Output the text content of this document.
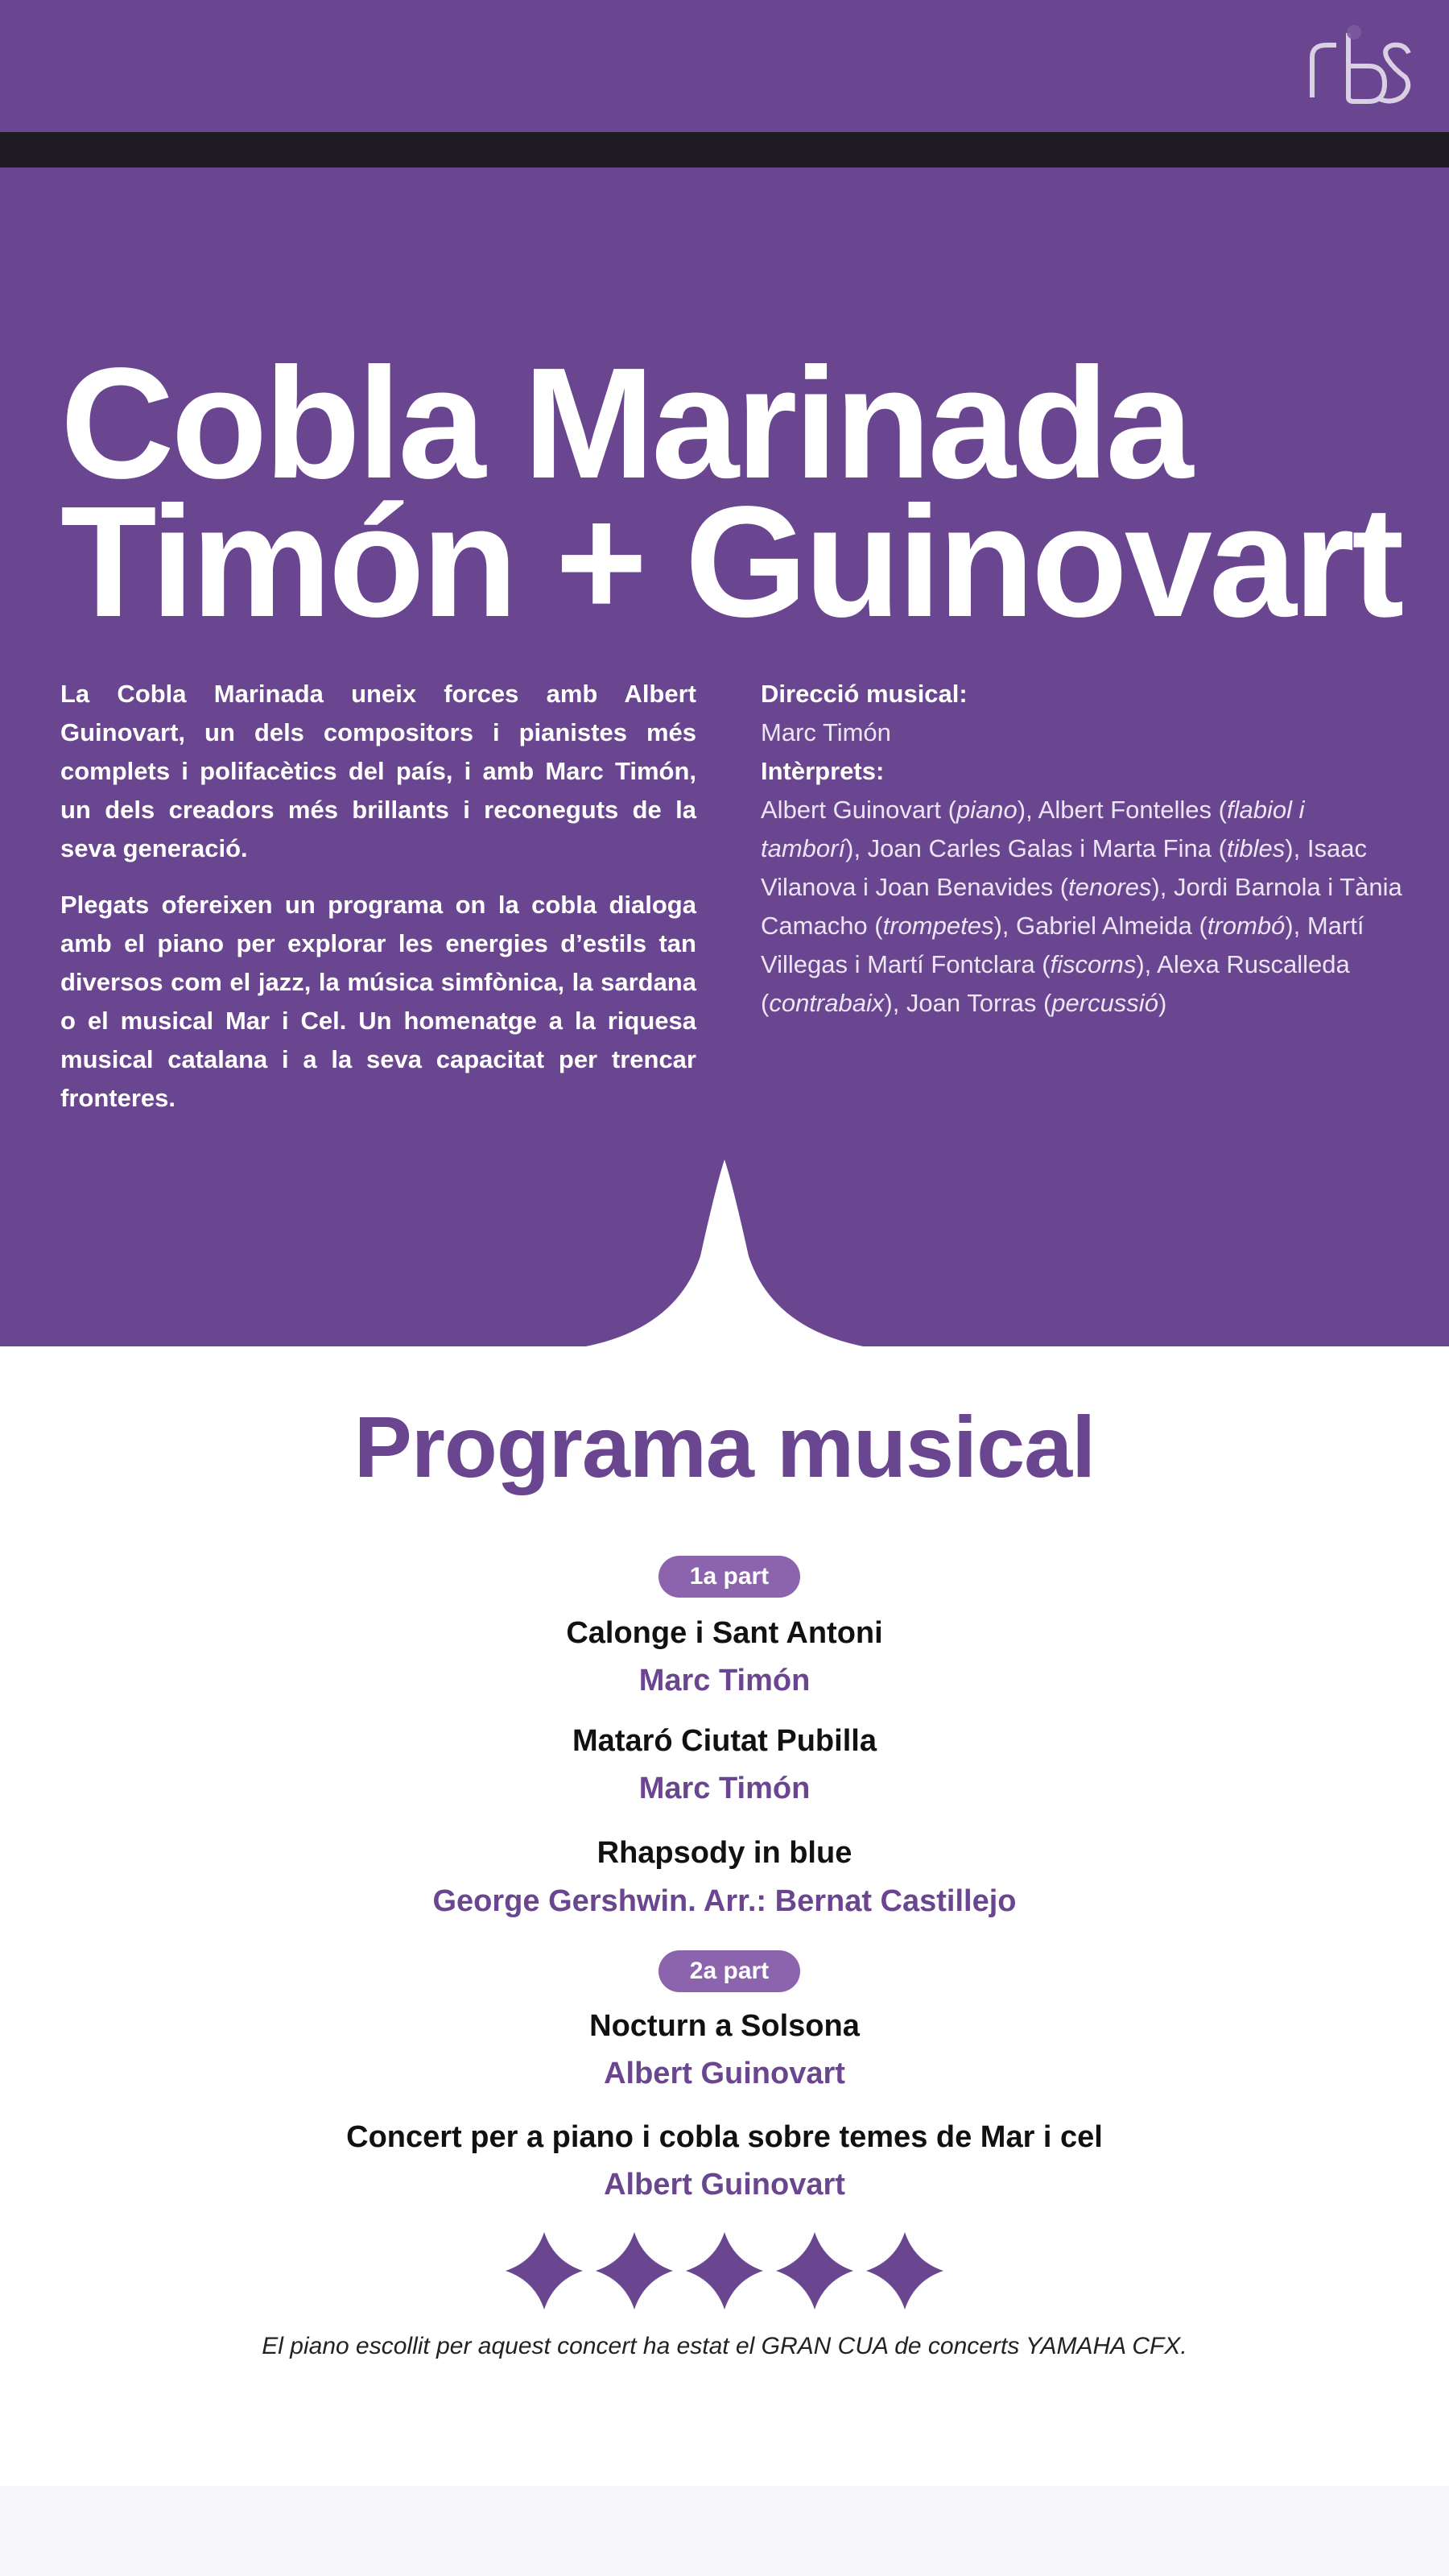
Cobla Marinada
Timón + Guinovart

La Cobla Marinada uneix forces amb Albert Guinovart, un dels compositors i pianistes més complets i polifacètics del país, i amb Marc Timón, un dels creadors més brillants i reconeguts de la seva generació.

Plegats ofereixen un programa on la cobla dialoga amb el piano per explorar les energies d’estils tan diversos com el jazz, la música simfònica, la sardana o el musical Mar i Cel. Un homenatge a la riquesa musical catalana i a la seva capacitat per trencar fronteres.

Direcció musical:
Marc Timón
Intèrprets:
Albert Guinovart (piano), Albert Fontelles (flabiol i tamborí), Joan Carles Galas i Marta Fina (tibles), Isaac Vilanova i Joan Benavides (tenores), Jordi Barnola i Tània Camacho (trompetes), Gabriel Almeida (trombó), Martí Villegas i Martí Fontclara (fiscorns), Alexa Ruscalleda (contrabaix), Joan Torras (percussió)
Programa musical
1a part
Calonge i Sant Antoni
Marc Timón
Mataró Ciutat Pubilla
Marc Timón
Rhapsody in blue
George Gershwin. Arr.: Bernat Castillejo
2a part
Nocturn a Solsona
Albert Guinovart
Concert per a piano i cobla sobre temes de Mar i cel
Albert Guinovart
El piano escollit per aquest concert ha estat el GRAN CUA de concerts YAMAHA CFX.
